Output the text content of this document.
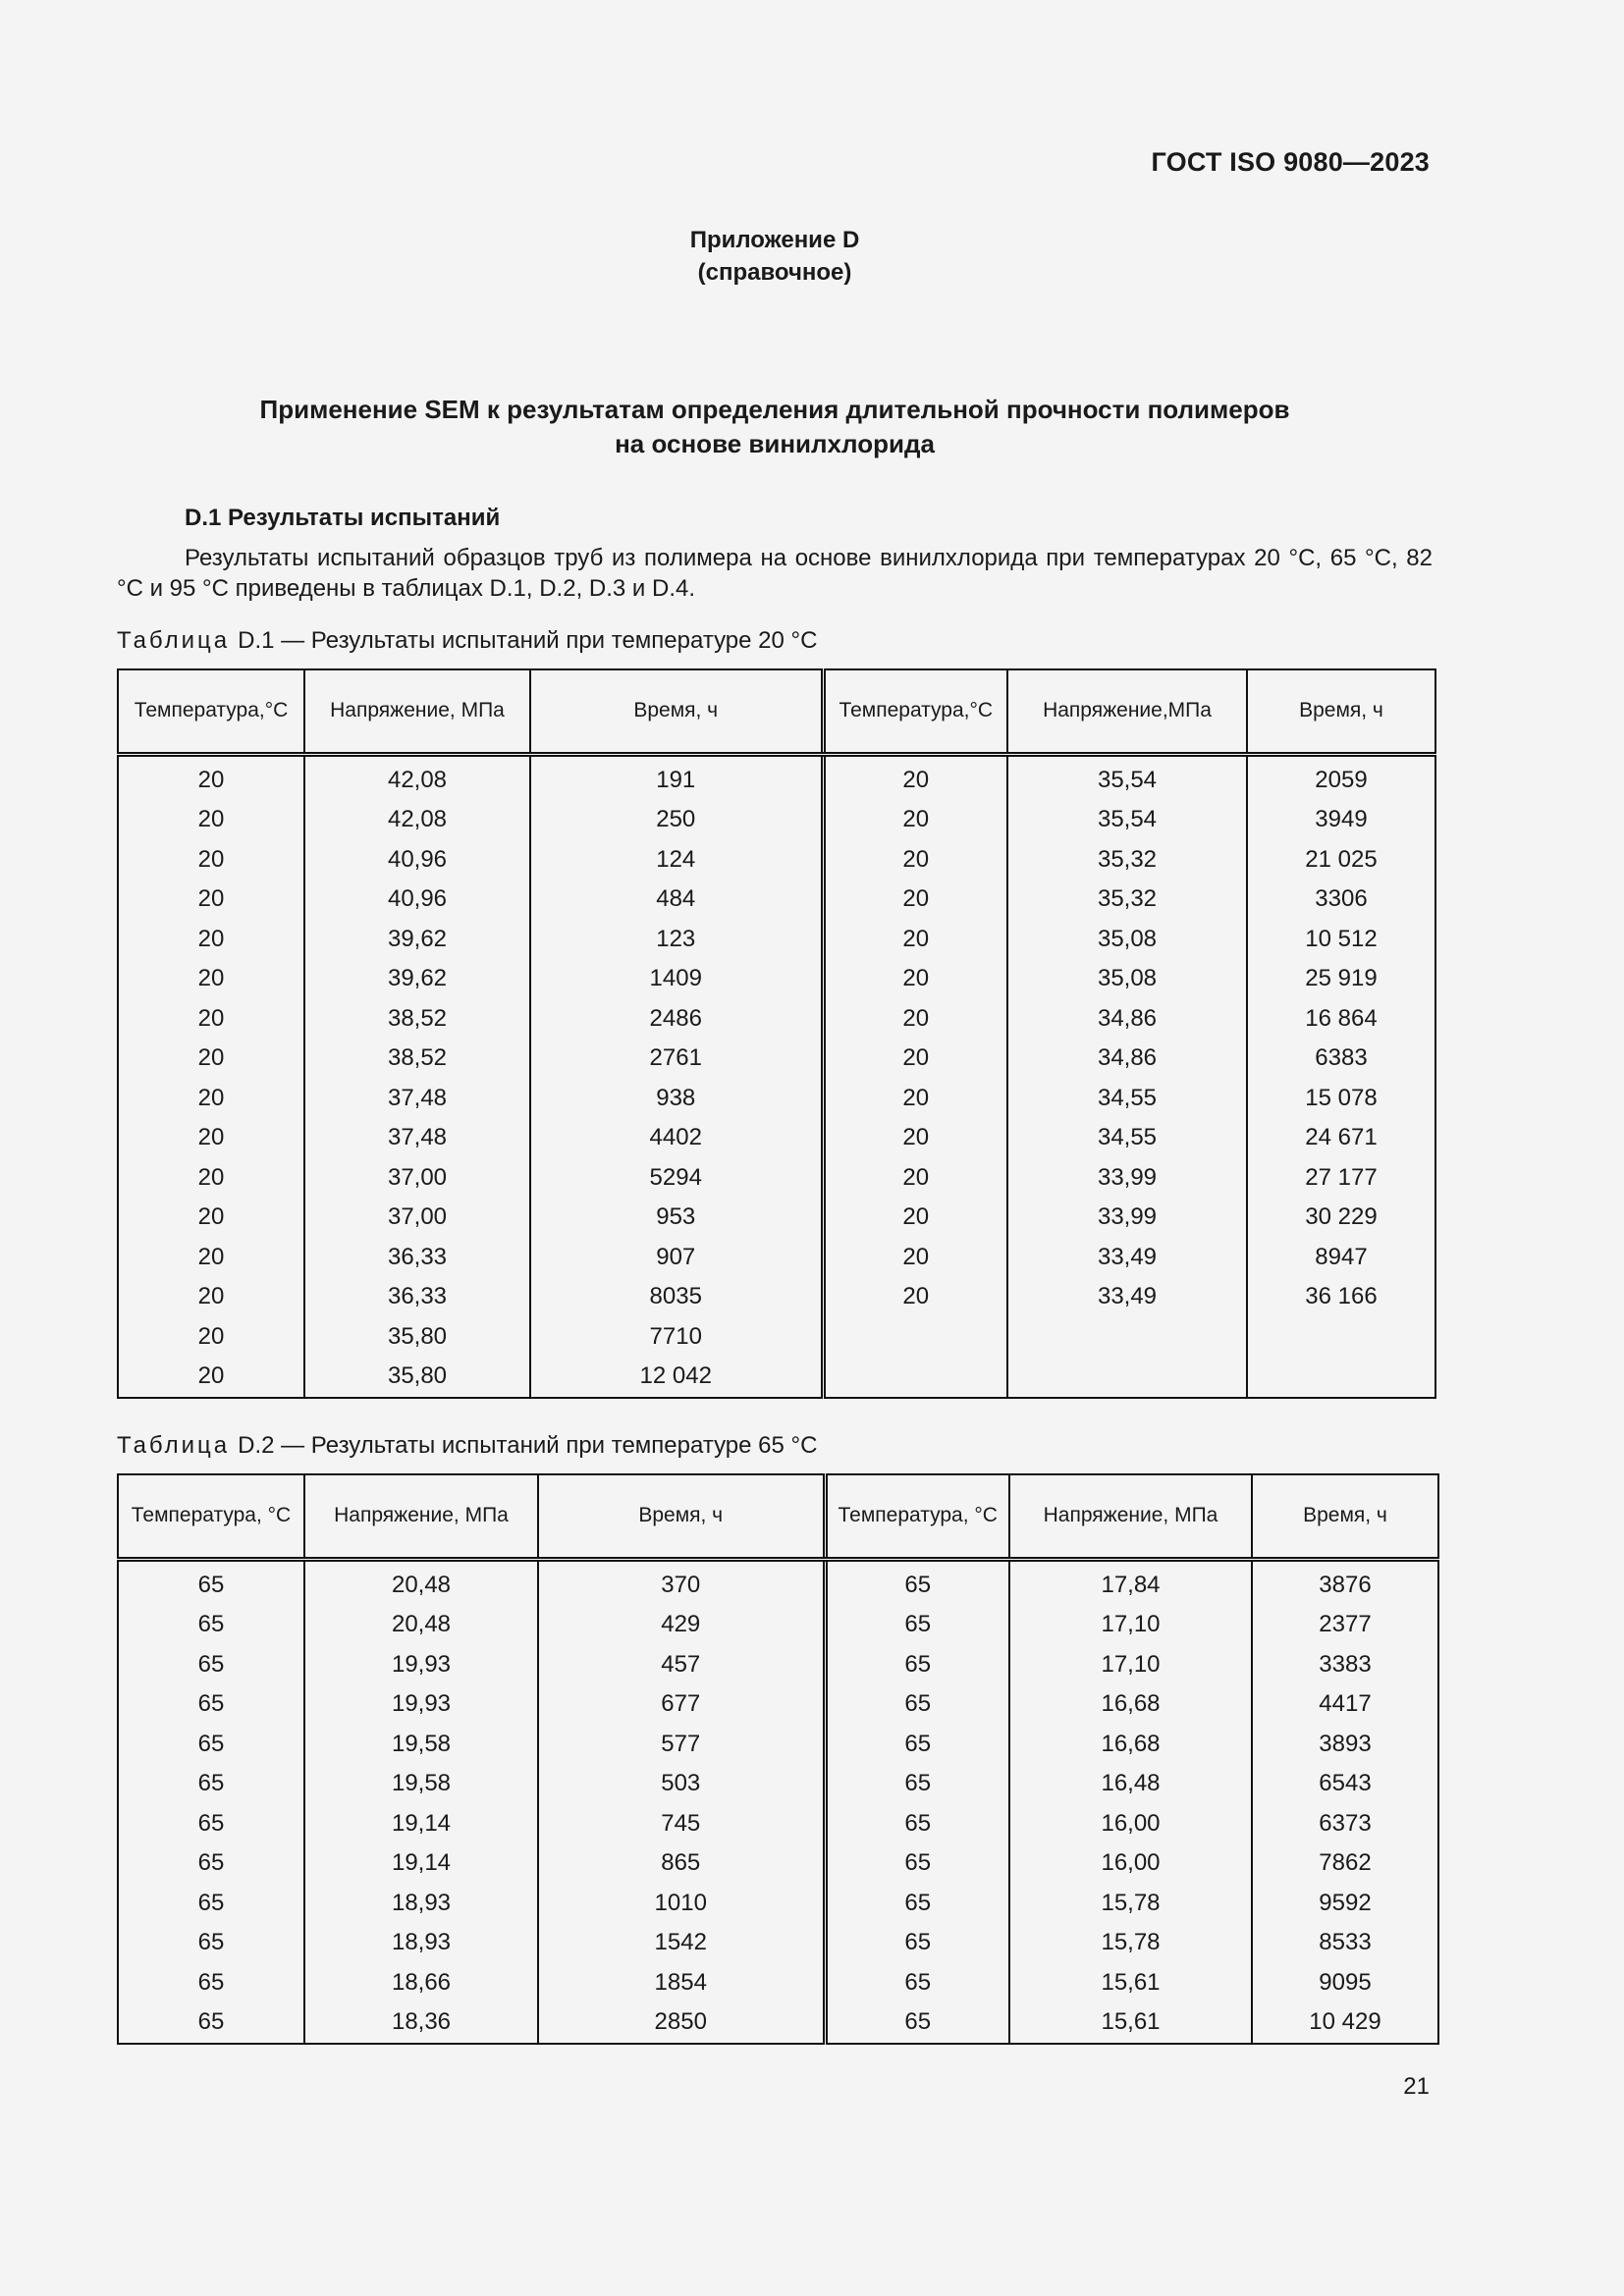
ГОСТ ISO 9080—2023
Приложение D
(справочное)
Применение SEM к результатам определения длительной прочности полимеров
на основе винилхлорида
D.1 Результаты испытаний
Результаты испытаний образцов труб из полимера на основе винилхлорида при температурах 20 °C, 65 °C, 82 °C и 95 °C приведены в таблицах D.1, D.2, D.3 и D.4.
Таблица D.1 — Результаты испытаний при температуре 20 °C
Температура,°C	Напряжение, МПа	Время, ч	Температура,°C	Напряжение,МПа	Время, ч
20	42,08	191	20	35,54	2059
20	42,08	250	20	35,54	3949
20	40,96	124	20	35,32	21 025
20	40,96	484	20	35,32	3306
20	39,62	123	20	35,08	10 512
20	39,62	1409	20	35,08	25 919
20	38,52	2486	20	34,86	16 864
20	38,52	2761	20	34,86	6383
20	37,48	938	20	34,55	15 078
20	37,48	4402	20	34,55	24 671
20	37,00	5294	20	33,99	27 177
20	37,00	953	20	33,99	30 229
20	36,33	907	20	33,49	8947
20	36,33	8035	20	33,49	36 166
20	35,80	7710			
20	35,80	12 042			
Таблица D.2 — Результаты испытаний при температуре 65 °C
Температура, °C	Напряжение, МПа	Время, ч	Температура, °C	Напряжение, МПа	Время, ч
65	20,48	370	65	17,84	3876
65	20,48	429	65	17,10	2377
65	19,93	457	65	17,10	3383
65	19,93	677	65	16,68	4417
65	19,58	577	65	16,68	3893
65	19,58	503	65	16,48	6543
65	19,14	745	65	16,00	6373
65	19,14	865	65	16,00	7862
65	18,93	1010	65	15,78	9592
65	18,93	1542	65	15,78	8533
65	18,66	1854	65	15,61	9095
65	18,36	2850	65	15,61	10 429
21
